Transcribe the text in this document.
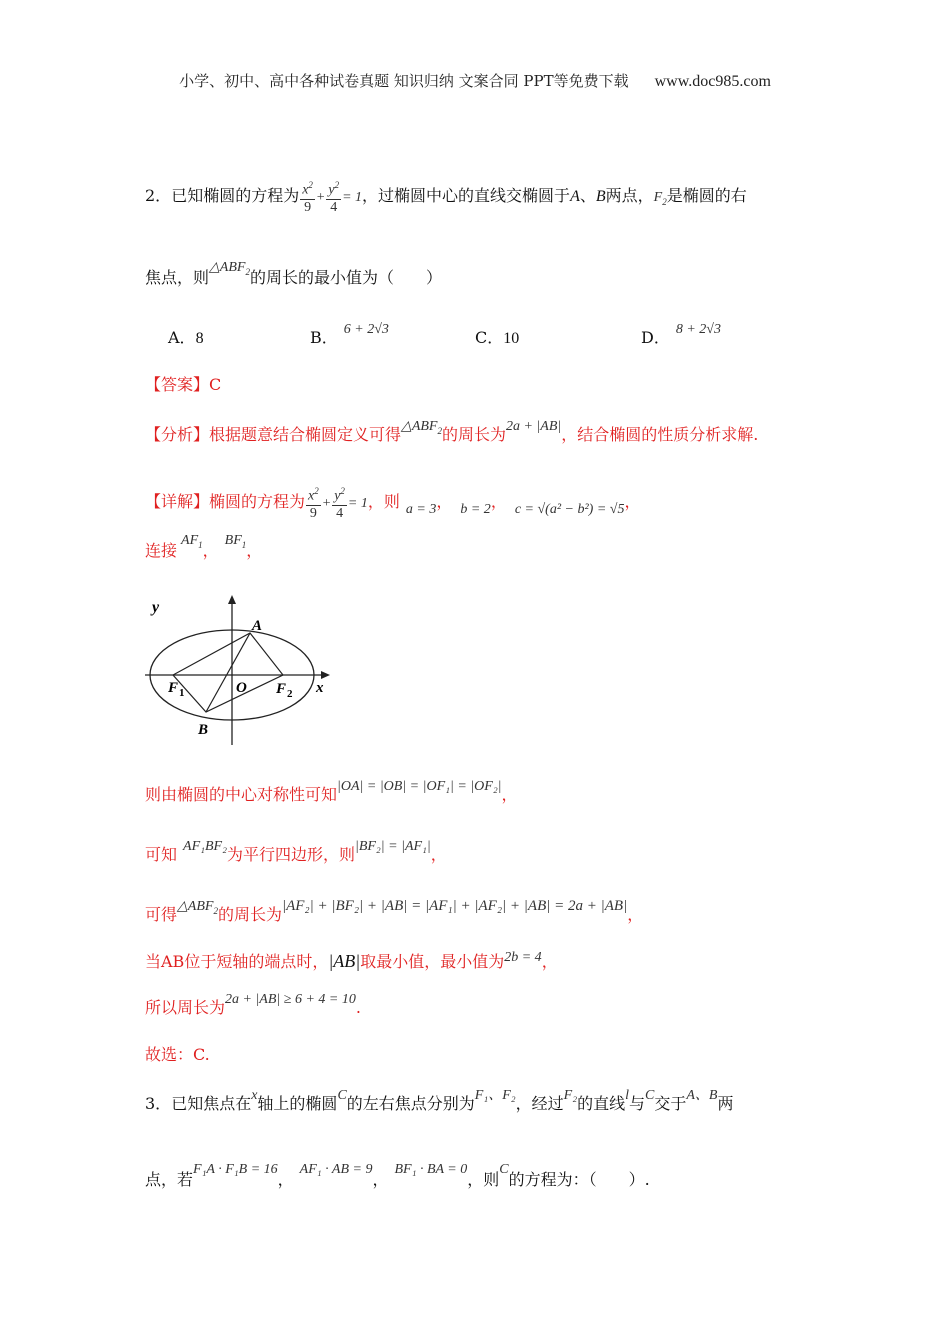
小学、初中、高中各种试卷真题 知识归纳 文案合同 PPT等免费下载 www.doc985.com
2．已知椭圆的方程为 $\frac{x^2}{9} + \frac{y^2}{4} = 1$，过椭圆中心的直线交椭圆于A、B两点，$F_2$是椭圆的右
焦点，则$\triangle ABF_2$的周长的最小值为（　　）
A．8	B． 6 + 2√3	C．10	D． 8 + 2√3
【答案】C
【分析】根据题意结合椭圆定义可得$\triangle ABF_2$的周长为2a + |AB|，结合椭圆的性质分析求解.
【详解】椭圆的方程为 $\frac{x^2}{9} + \frac{y^2}{4} = 1$，则 a = 3， b = 2， c = √(a² − b²) = √5，
连接$AF_1$，$BF_1$，
y
A
B
O	x
F 1	F 2
则由椭圆的中心对称性可知|OA| = |OB| = |OF₁| = |OF₂|，
可知 AF₁BF₂为平行四边形，则|BF₂| = |AF₁|，
可得$\triangle ABF_2$的周长为|AF₂| + |BF₂| + |AB| = |AF₁| + |AF₂| + |AB| = 2a + |AB|，
当AB位于短轴的端点时，|AB|取最小值，最小值为2b = 4，
所以周长为2a + |AB| ≥ 6 + 4 = 10.
故选：C.
3．已知焦点在x轴上的椭圆C的左右焦点分别为F₁、F₂，经过F₂的直线l与C交于A、B两
点，若F₁A · F₁B = 16，AF₁ · AB = 9，BF₁ · BA = 0，则C的方程为：（　　）.
